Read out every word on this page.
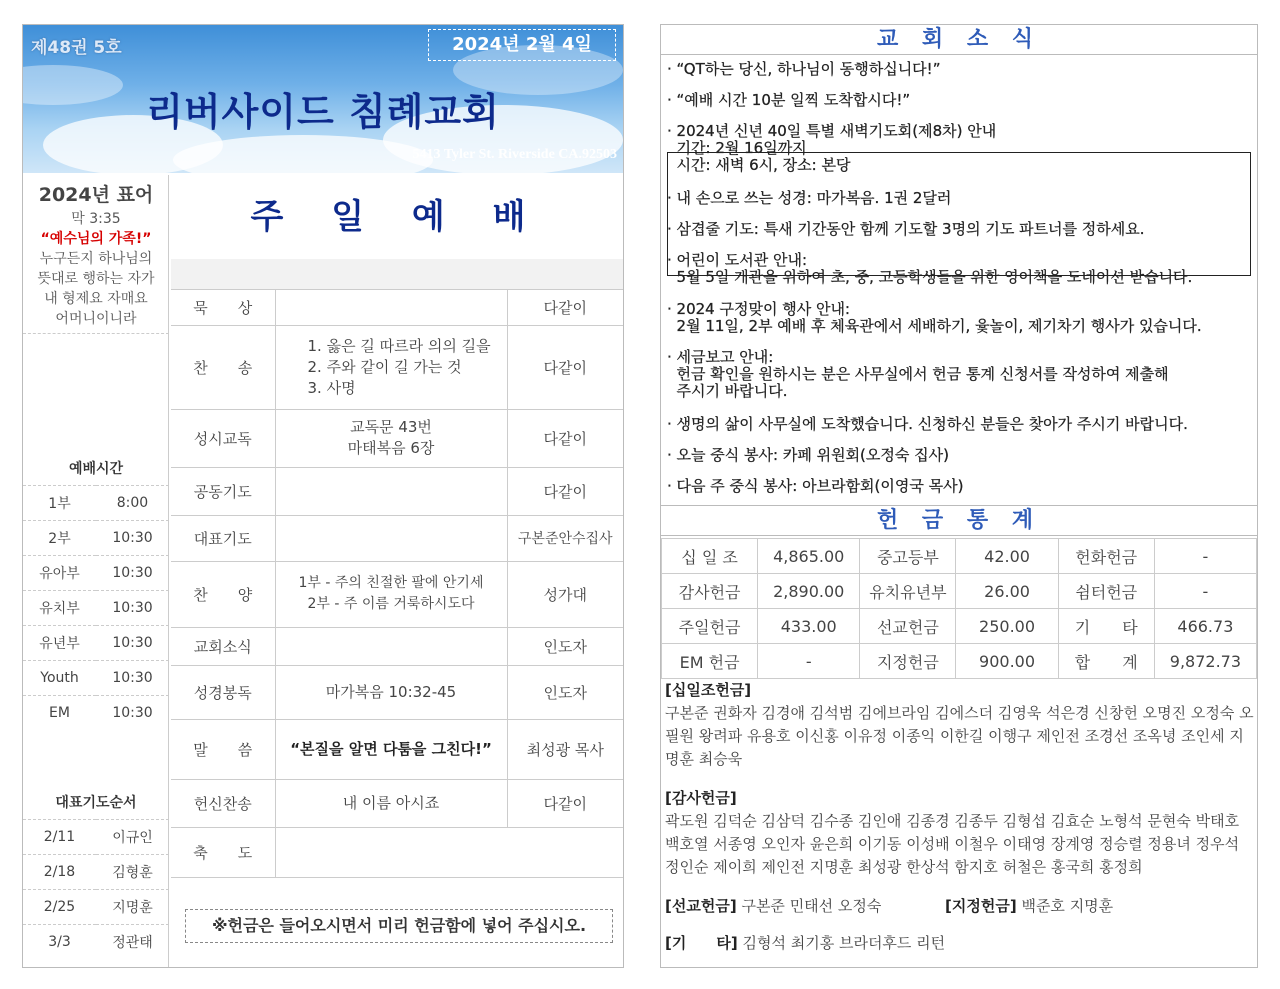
제48권 5호	2024년 2월 4일
리버사이드 침례교회
5413 Tyler St. Riverside CA.92503
2024년 표어
막 3:35
“예수님의 가족!”
누구든지 하나님의
뜻대로 행하는 자가
내 형제요 자매요
어머니이니라
예배시간	
1부	8:00
2부	10:30
유아부	10:30
유치부	10:30
유년부	10:30
Youth	10:30
EM	10:30
대표기도순서	
2/11	이규인
2/18	김형훈
2/25	지명훈
3/3	정관태
주 일 예 배

묵　　상		다같이
찬　　송	1. 옳은 길 따르라 의의 길을
2. 주와 같이 길 가는 것
3. 사명	다같이
성시교독	교독문 43번
마태복음 6장	다같이
공동기도		다같이
대표기도		구본준안수집사
찬　　양	1부 - 주의 친절한 팔에 안기세
2부 - 주 이름 거룩하시도다	성가대
교회소식		인도자
성경봉독	마가복음 10:32-45	인도자
말　　씀	“본질을 알면 다툼을 그친다!”	최성광 목사
헌신찬송	내 이름 아시죠	다같이
축　　도		
※헌금은 들어오시면서 미리 헌금함에 넣어 주십시오.
교 회 소 식
· “QT하는 당신, 하나님이 동행하십니다!”
· “예배 시간 10분 일찍 도착합시다!”
· 2024년 신년 40일 특별 새벽기도회(제8차) 안내
기간: 2월 16일까지
시간: 새벽 6시, 장소: 본당
· 내 손으로 쓰는 성경: 마가복음. 1권 2달러
· 삼겹줄 기도: 특새 기간동안 함께 기도할 3명의 기도 파트너를 정하세요.
· 어린이 도서관 안내:
5월 5일 개관을 위하여 초, 중, 고등학생들을 위한 영어책을 도네이션 받습니다.
· 2024 구정맞이 행사 안내:
2월 11일, 2부 예배 후 체육관에서 세배하기, 윷놀이, 제기차기 행사가 있습니다.
· 세금보고 안내:
헌금 확인을 원하시는 분은 사무실에서 헌금 통계 신청서를 작성하여 제출해
주시기 바랍니다.
· 생명의 삶이 사무실에 도착했습니다. 신청하신 분들은 찾아가 주시기 바랍니다.
· 오늘 중식 봉사: 카페 위원회(오정숙 집사)
· 다음 주 중식 봉사: 아브라함회(이영국 목사)
헌 금 통 계
십 일 조	4,865.00	중고등부	42.00	헌화헌금	-
감사헌금	2,890.00	유치유년부	26.00	쉼터헌금	-
주일헌금	433.00	선교헌금	250.00	기　　타	466.73
EM 헌금	-	지정헌금	900.00	합　　계	9,872.73
[십일조헌금]
구본준 권화자 김경애 김석범 김에브라임 김에스더 김영욱 석은경 신창헌 오명진 오정숙 오필원 왕려파 유용호 이신홍 이유정 이종익 이한길 이행구 제인전 조경선 조옥녕 조인세 지명훈 최승욱
[감사헌금]
곽도원 김덕순 김삼덕 김수종 김인애 김종경 김종두 김형섭 김효순 노형석 문현숙 박태호 백호열 서종영 오인자 윤은희 이기동 이성배 이철우 이태영 장계영 정승렬 정용녀 정우석 정인순 제이희 제인전 지명훈 최성광 한상석 함지호 허철은 홍국희 홍정희
[선교헌금] 구본준 민태선 오정숙	[지정헌금] 백준호 지명훈
[기　　타] 김형석 최기홍 브라더후드 리턴
